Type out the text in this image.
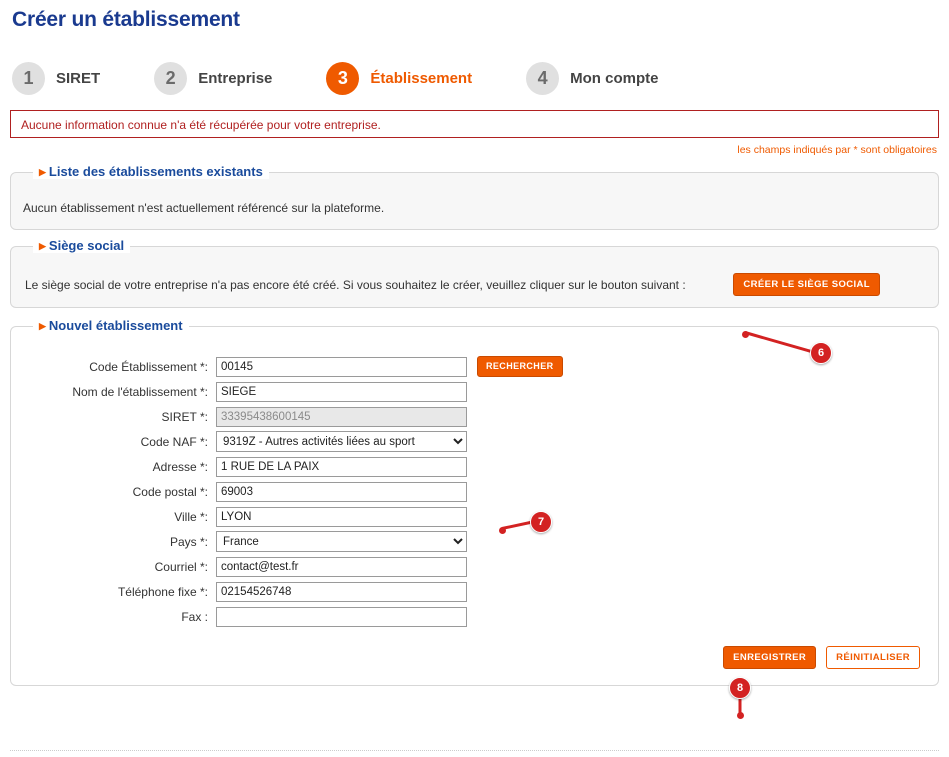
Créer un établissement
1	SIRET	2	Entreprise	3	Établissement	4	Mon compte
Aucune information connue n'a été récupérée pour votre entreprise.
les champs indiqués par * sont obligatoires
▶ Liste des établissements existants
Aucun établissement n'est actuellement référencé sur la plateforme.
▶ Siège social
Le siège social de votre entreprise n'a pas encore été créé. Si vous souhaitez le créer, veuillez cliquer sur le bouton suivant :	CRÉER LE SIÈGE SOCIAL
▶ Nouvel établissement
Code Établissement *:
00145	RECHERCHER
Nom de l'établissement *:
SIEGE
SIRET *:
33395438600145
Code NAF *:
9319Z - Autres activités liées au sport
Adresse *:
1 RUE DE LA PAIX
Code postal *:
69003
Ville *:
LYON
Pays *:
France
Courriel *:
contact@test.fr
Téléphone fixe *:
02154526748
Fax :
ENREGISTRER	RÉINITIALISER
6
7
8
